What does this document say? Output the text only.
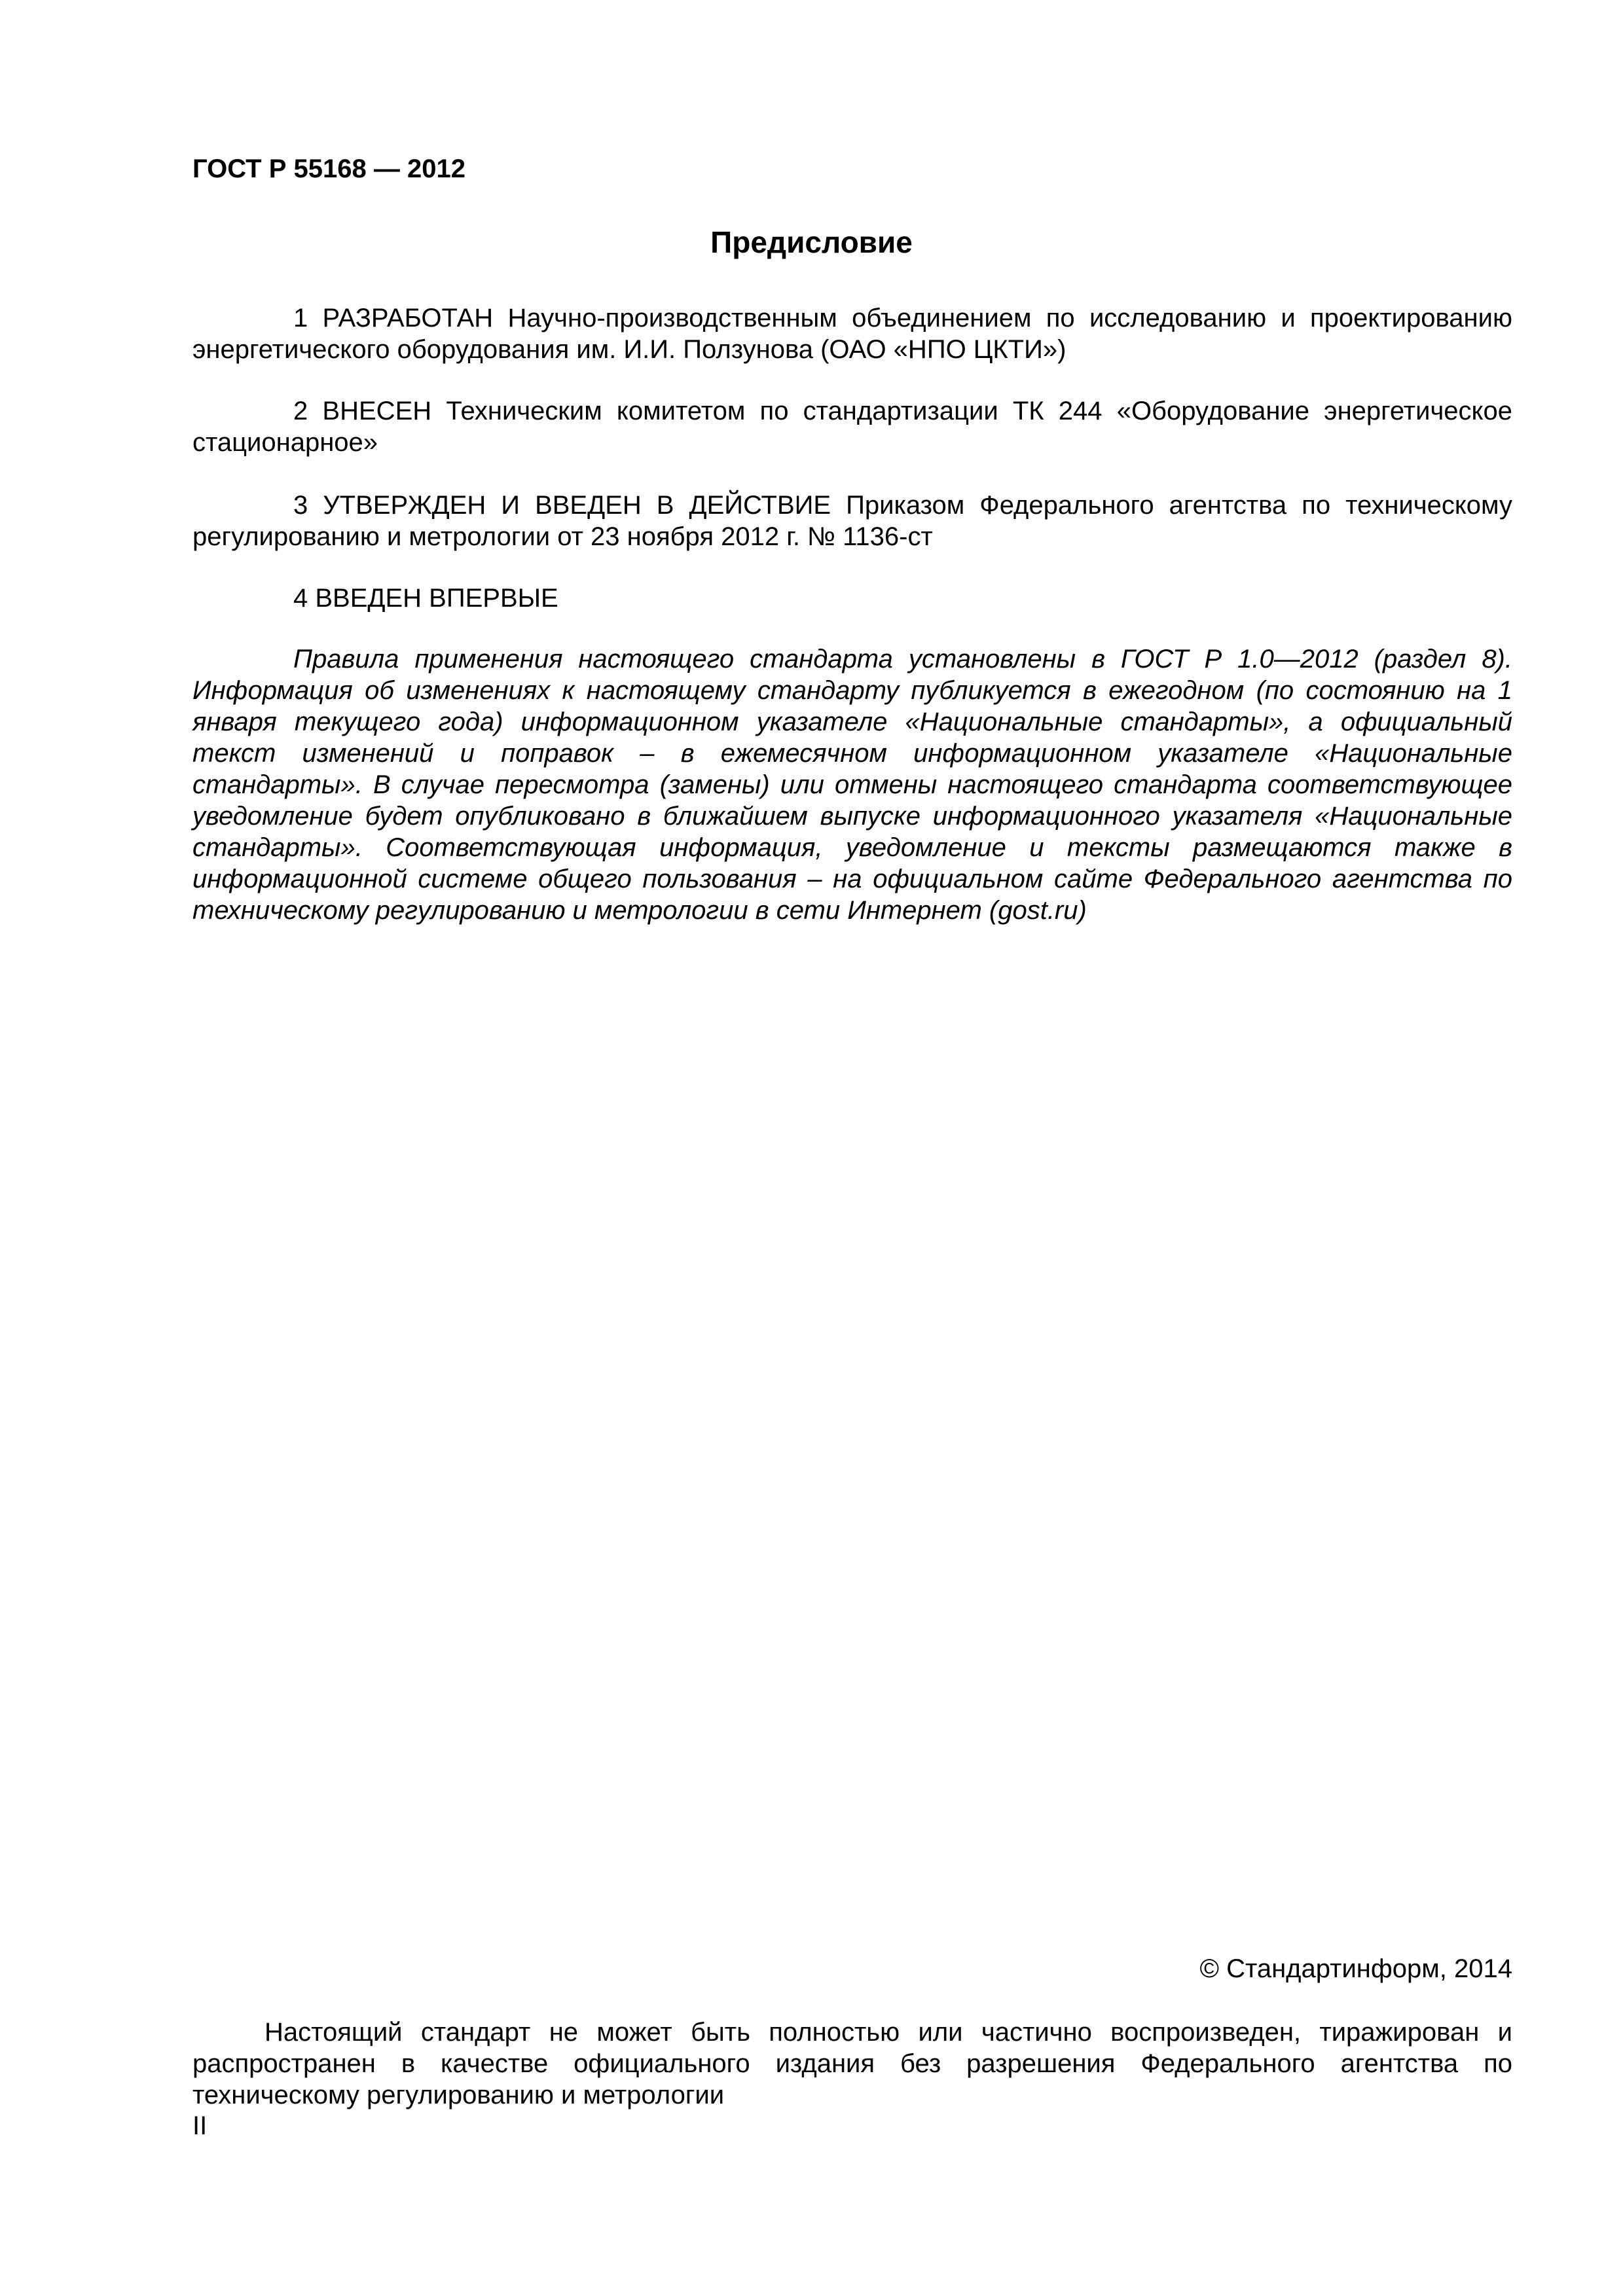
ГОСТ Р 55168 — 2012
Предисловие

1 РАЗРАБОТАН Научно-производственным объединением по исследованию и проектированию энергетического оборудования им. И.И. Ползунова (ОАО «НПО ЦКТИ»)

2 ВНЕСЕН Техническим комитетом по стандартизации ТК 244 «Оборудование энергетическое стационарное»

3 УТВЕРЖДЕН И ВВЕДЕН В ДЕЙСТВИЕ Приказом Федерального агентства по техническому регулированию и метрологии от 23 ноября 2012 г. № 1136-ст

4 ВВЕДЕН ВПЕРВЫЕ

Правила применения настоящего стандарта установлены в ГОСТ Р 1.0—2012 (раздел 8). Информация об изменениях к настоящему стандарту публикуется в ежегодном (по состоянию на 1 января текущего года) информационном указателе «Национальные стандарты», а официальный текст изменений и поправок – в ежемесячном информационном указателе «Национальные стандарты». В случае пересмотра (замены) или отмены настоящего стандарта соответствующее уведомление будет опубликовано в ближайшем выпуске информационного указателя «Национальные стандарты». Соответствующая информация, уведомление и тексты размещаются также в информационной системе общего пользования – на официальном сайте Федерального агентства по техническому регулированию и метрологии в сети Интернет (gost.ru)

© Стандартинформ, 2014

Настоящий стандарт не может быть полностью или частично воспроизведен, тиражирован и распространен в качестве официального издания без разрешения Федерального агентства по техническому регулированию и метрологии

II
